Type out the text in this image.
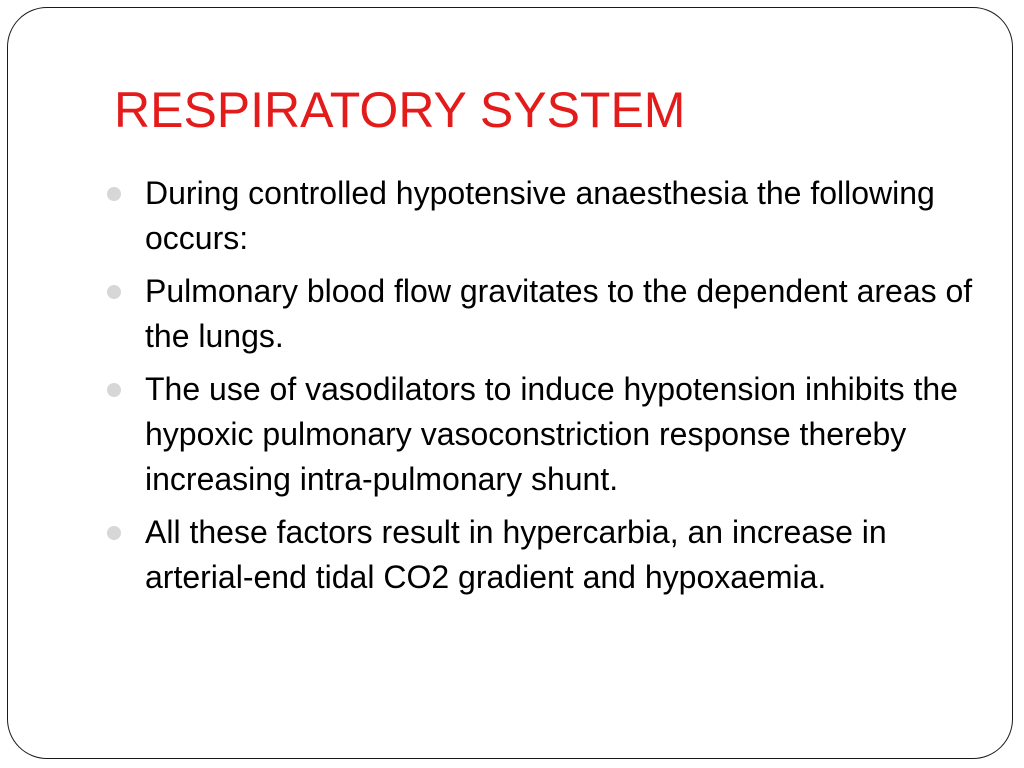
RESPIRATORY SYSTEM
During controlled hypotensive anaesthesia the following occurs:
Pulmonary blood flow gravitates to the dependent areas of the lungs.
The use of vasodilators to induce hypotension inhibits the hypoxic pulmonary vasoconstriction response thereby increasing intra-pulmonary shunt.
All these factors result in hypercarbia, an increase in arterial-end tidal CO2 gradient and hypoxaemia.
